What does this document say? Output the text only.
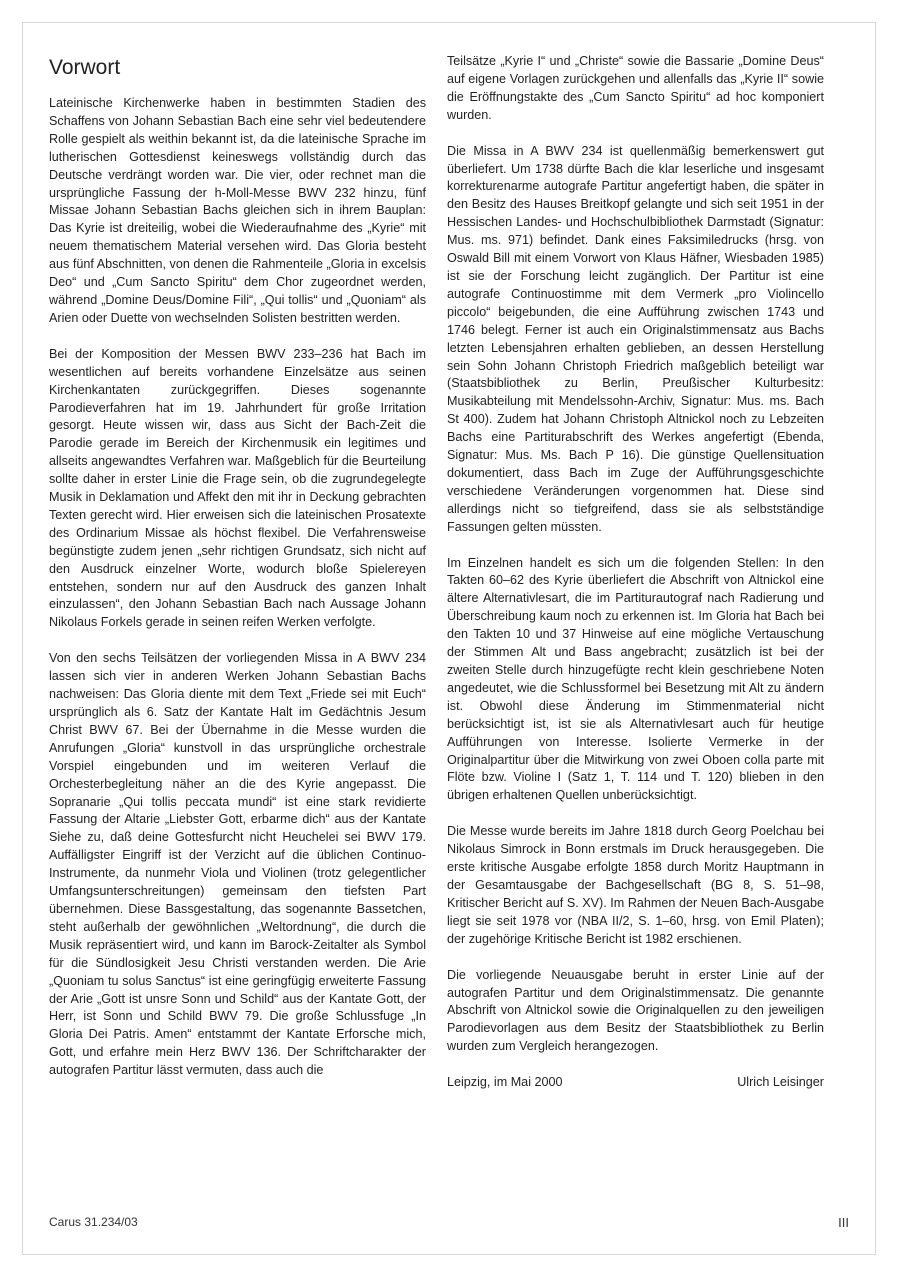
Vorwort

Lateinische Kirchenwerke haben in bestimmten Stadien des Schaffens von Johann Sebastian Bach eine sehr viel bedeutendere Rolle gespielt als weithin bekannt ist, da die lateinische Sprache im lutherischen Gottesdienst keineswegs vollständig durch das Deutsche verdrängt worden war. Die vier, oder rechnet man die ursprüngliche Fassung der h-Moll-Messe BWV 232 hinzu, fünf Missae Johann Sebastian Bachs gleichen sich in ihrem Bauplan: Das Kyrie ist dreiteilig, wobei die Wiederaufnahme des „Kyrie“ mit neuem thematischem Material versehen wird. Das Gloria besteht aus fünf Abschnitten, von denen die Rahmenteile „Gloria in excelsis Deo“ und „Cum Sancto Spiritu“ dem Chor zugeordnet werden, während „Domine Deus/Domine Fili“, „Qui tollis“ und „Quoniam“ als Arien oder Duette von wechselnden Solisten bestritten werden.

Bei der Komposition der Messen BWV 233–236 hat Bach im wesentlichen auf bereits vorhandene Einzelsätze aus seinen Kirchenkantaten zurückgegriffen. Dieses sogenannte Parodieverfahren hat im 19. Jahrhundert für große Irritation gesorgt. Heute wissen wir, dass aus Sicht der Bach-Zeit die Parodie gerade im Bereich der Kirchenmusik ein legitimes und allseits angewandtes Verfahren war. Maßgeblich für die Beurteilung sollte daher in erster Linie die Frage sein, ob die zugrundegelegte Musik in Deklamation und Affekt den mit ihr in Deckung gebrachten Texten gerecht wird. Hier erweisen sich die lateinischen Prosatexte des Ordinarium Missae als höchst flexibel. Die Verfahrensweise begünstigte zudem jenen „sehr richtigen Grundsatz, sich nicht auf den Ausdruck einzelner Worte, wodurch bloße Spielereyen entstehen, sondern nur auf den Ausdruck des ganzen Inhalt einzulassen“, den Johann Sebastian Bach nach Aussage Johann Nikolaus Forkels gerade in seinen reifen Werken verfolgte.

Von den sechs Teilsätzen der vorliegenden Missa in A BWV 234 lassen sich vier in anderen Werken Johann Sebastian Bachs nachweisen: Das Gloria diente mit dem Text „Friede sei mit Euch“ ursprünglich als 6. Satz der Kantate Halt im Gedächtnis Jesum Christ BWV 67. Bei der Übernahme in die Messe wurden die Anrufungen „Gloria“ kunstvoll in das ursprüngliche orchestrale Vorspiel eingebunden und im weiteren Verlauf die Orchesterbegleitung näher an die des Kyrie angepasst. Die Sopranarie „Qui tollis peccata mundi“ ist eine stark revidierte Fassung der Altarie „Liebster Gott, erbarme dich“ aus der Kantate Siehe zu, daß deine Gottesfurcht nicht Heuchelei sei BWV 179. Auffälligster Eingriff ist der Verzicht auf die üblichen Continuo-Instrumente, da nunmehr Viola und Violinen (trotz gelegentlicher Umfangsunterschreitungen) gemeinsam den tiefsten Part übernehmen. Diese Bassgestaltung, das sogenannte Bassetchen, steht außerhalb der gewöhnlichen „Weltordnung“, die durch die Musik repräsentiert wird, und kann im Barock-Zeitalter als Symbol für die Sündlosigkeit Jesu Christi verstanden werden. Die Arie „Quoniam tu solus Sanctus“ ist eine geringfügig erweiterte Fassung der Arie „Gott ist unsre Sonn und Schild“ aus der Kantate Gott, der Herr, ist Sonn und Schild BWV 79. Die große Schlussfuge „In Gloria Dei Patris. Amen“ entstammt der Kantate Erforsche mich, Gott, und erfahre mein Herz BWV 136. Der Schriftcharakter der autografen Partitur lässt vermuten, dass auch die

Teilsätze „Kyrie I“ und „Christe“ sowie die Bassarie „Domine Deus“ auf eigene Vorlagen zurückgehen und allenfalls das „Kyrie II“ sowie die Eröffnungstakte des „Cum Sancto Spiritu“ ad hoc komponiert wurden.

Die Missa in A BWV 234 ist quellenmäßig bemerkenswert gut überliefert. Um 1738 dürfte Bach die klar leserliche und insgesamt korrekturenarme autografe Partitur angefertigt haben, die später in den Besitz des Hauses Breitkopf gelangte und sich seit 1951 in der Hessischen Landes- und Hochschulbibliothek Darmstadt (Signatur: Mus. ms. 971) befindet. Dank eines Faksimiledrucks (hrsg. von Oswald Bill mit einem Vorwort von Klaus Häfner, Wiesbaden 1985) ist sie der Forschung leicht zugänglich. Der Partitur ist eine autografe Continuostimme mit dem Vermerk „pro Violincello piccolo“ beigebunden, die eine Aufführung zwischen 1743 und 1746 belegt. Ferner ist auch ein Originalstimmensatz aus Bachs letzten Lebensjahren erhalten geblieben, an dessen Herstellung sein Sohn Johann Christoph Friedrich maßgeblich beteiligt war (Staatsbibliothek zu Berlin, Preußischer Kulturbesitz: Musikabteilung mit Mendelssohn-Archiv, Signatur: Mus. ms. Bach St 400). Zudem hat Johann Christoph Altnickol noch zu Lebzeiten Bachs eine Partiturabschrift des Werkes angefertigt (Ebenda, Signatur: Mus. Ms. Bach P 16). Die günstige Quellensituation dokumentiert, dass Bach im Zuge der Aufführungsgeschichte verschiedene Veränderungen vorgenommen hat. Diese sind allerdings nicht so tiefgreifend, dass sie als selbstständige Fassungen gelten müssten.

Im Einzelnen handelt es sich um die folgenden Stellen: In den Takten 60–62 des Kyrie überliefert die Abschrift von Altnickol eine ältere Alternativlesart, die im Partiturautograf nach Radierung und Überschreibung kaum noch zu erkennen ist. Im Gloria hat Bach bei den Takten 10 und 37 Hinweise auf eine mögliche Vertauschung der Stimmen Alt und Bass angebracht; zusätzlich ist bei der zweiten Stelle durch hinzugefügte recht klein geschriebene Noten angedeutet, wie die Schlussformel bei Besetzung mit Alt zu ändern ist. Obwohl diese Änderung im Stimmenmaterial nicht berücksichtigt ist, ist sie als Alternativlesart auch für heutige Aufführungen von Interesse. Isolierte Vermerke in der Originalpartitur über die Mitwirkung von zwei Oboen colla parte mit Flöte bzw. Violine I (Satz 1, T. 114 und T. 120) blieben in den übrigen erhaltenen Quellen unberücksichtigt.

Die Messe wurde bereits im Jahre 1818 durch Georg Poelchau bei Nikolaus Simrock in Bonn erstmals im Druck herausgegeben. Die erste kritische Ausgabe erfolgte 1858 durch Moritz Hauptmann in der Gesamtausgabe der Bachgesellschaft (BG 8, S. 51–98, Kritischer Bericht auf S. XV). Im Rahmen der Neuen Bach-Ausgabe liegt sie seit 1978 vor (NBA II/2, S. 1–60, hrsg. von Emil Platen); der zugehörige Kritische Bericht ist 1982 erschienen.

Die vorliegende Neuausgabe beruht in erster Linie auf der autografen Partitur und dem Originalstimmensatz. Die genannte Abschrift von Altnickol sowie die Originalquellen zu den jeweiligen Parodievorlagen aus dem Besitz der Staatsbibliothek zu Berlin wurden zum Vergleich herangezogen.

Leipzig, im Mai 2000	Ulrich Leisinger
Carus 31.234/03	III
